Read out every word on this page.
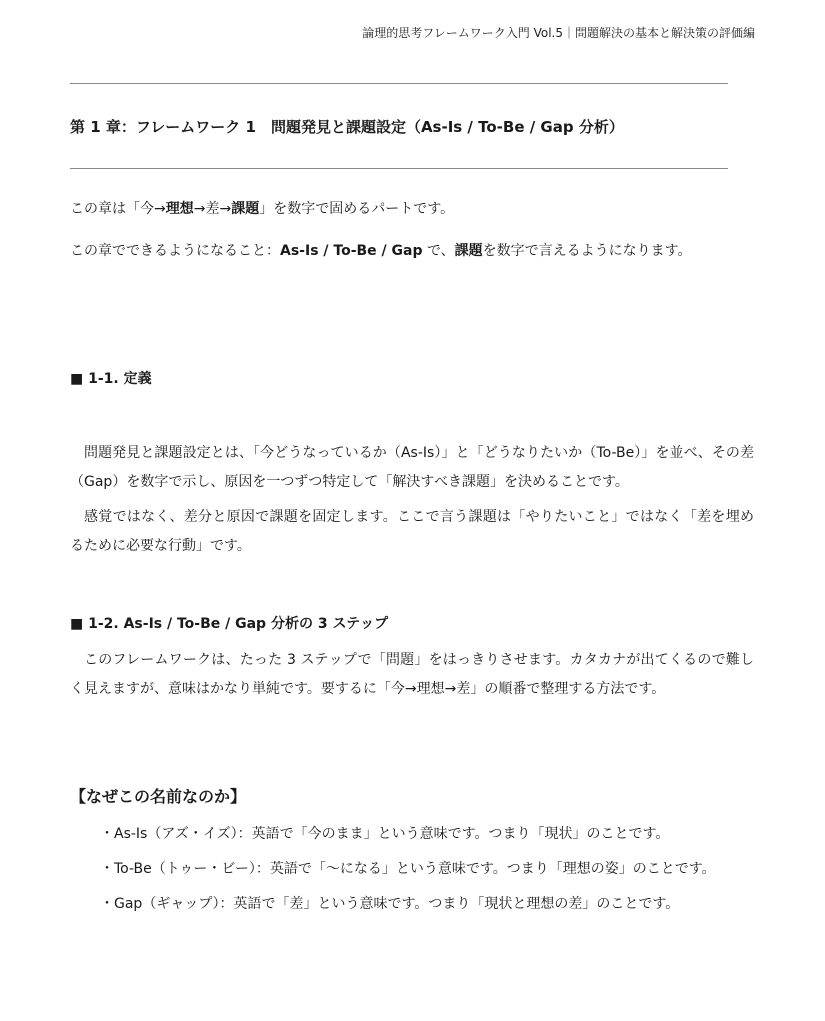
論理的思考フレームワーク入門 Vol.5｜問題解決の基本と解決策の評価編
第 1 章：フレームワーク 1　問題発見と課題設定（As-Is / To-Be / Gap 分析）
この章は「今→理想→差→課題」を数字で固めるパートです。
この章でできるようになること：As-Is / To-Be / Gap で、課題を数字で言えるようになります。
■ 1-1. 定義

問題発見と課題設定とは、「今どうなっているか（As-Is）」と「どうなりたいか（To-Be）」を並べ、その差（Gap）を数字で示し、原因を一つずつ特定して「解決すべき課題」を決めることです。

感覚ではなく、差分と原因で課題を固定します。ここで言う課題は「やりたいこと」ではなく「差を埋めるために必要な行動」です。

■ 1-2. As-Is / To-Be / Gap 分析の 3 ステップ

このフレームワークは、たった 3 ステップで「問題」をはっきりさせます。カタカナが出てくるので難しく見えますが、意味はかなり単純です。要するに「今→理想→差」の順番で整理する方法です。

【なぜこの名前なのか】
・As-Is（アズ・イズ）：英語で「今のまま」という意味です。つまり「現状」のことです。
・To-Be（トゥー・ビー）：英語で「〜になる」という意味です。つまり「理想の姿」のことです。
・Gap（ギャップ）：英語で「差」という意味です。つまり「現状と理想の差」のことです。
